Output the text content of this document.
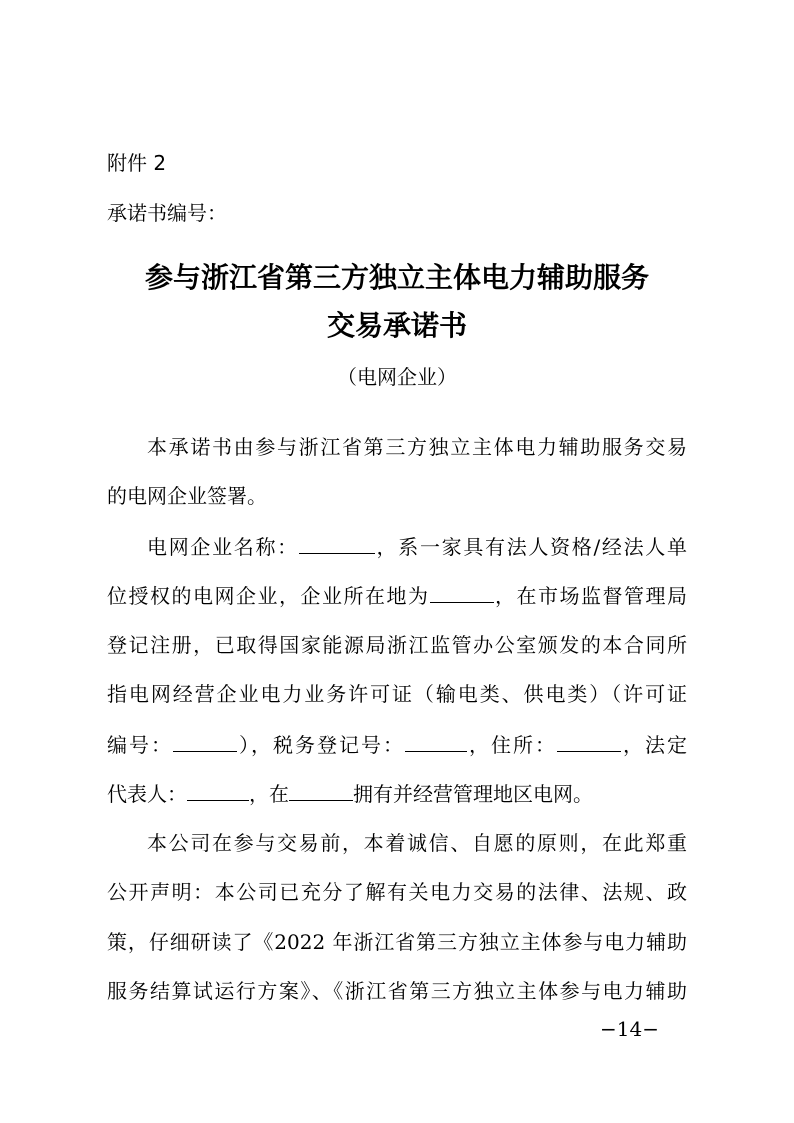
附件 2
承诺书编号：
参与浙江省第三方独立主体电力辅助服务
交易承诺书
（电网企业）
本承诺书由参与浙江省第三方独立主体电力辅助服务交易
的电网企业签署。
电网企业名称：	，系一家具有法人资格/经法人单
位授权的电网企业，企业所在地为	，在市场监督管理局
登记注册，已取得国家能源局浙江监管办公室颁发的本合同所
指电网经营企业电力业务许可证（输电类、供电类）（许可证
编号：	），税务登记号：	，住所：	，法定
代表人：	，在	拥有并经营管理地区电网。
本公司在参与交易前，本着诚信、自愿的原则，在此郑重
公开声明：本公司已充分了解有关电力交易的法律、法规、政
策，仔细研读了《2022 年浙江省第三方独立主体参与电力辅助
服务结算试运行方案》、《浙江省第三方独立主体参与电力辅助
−14−
